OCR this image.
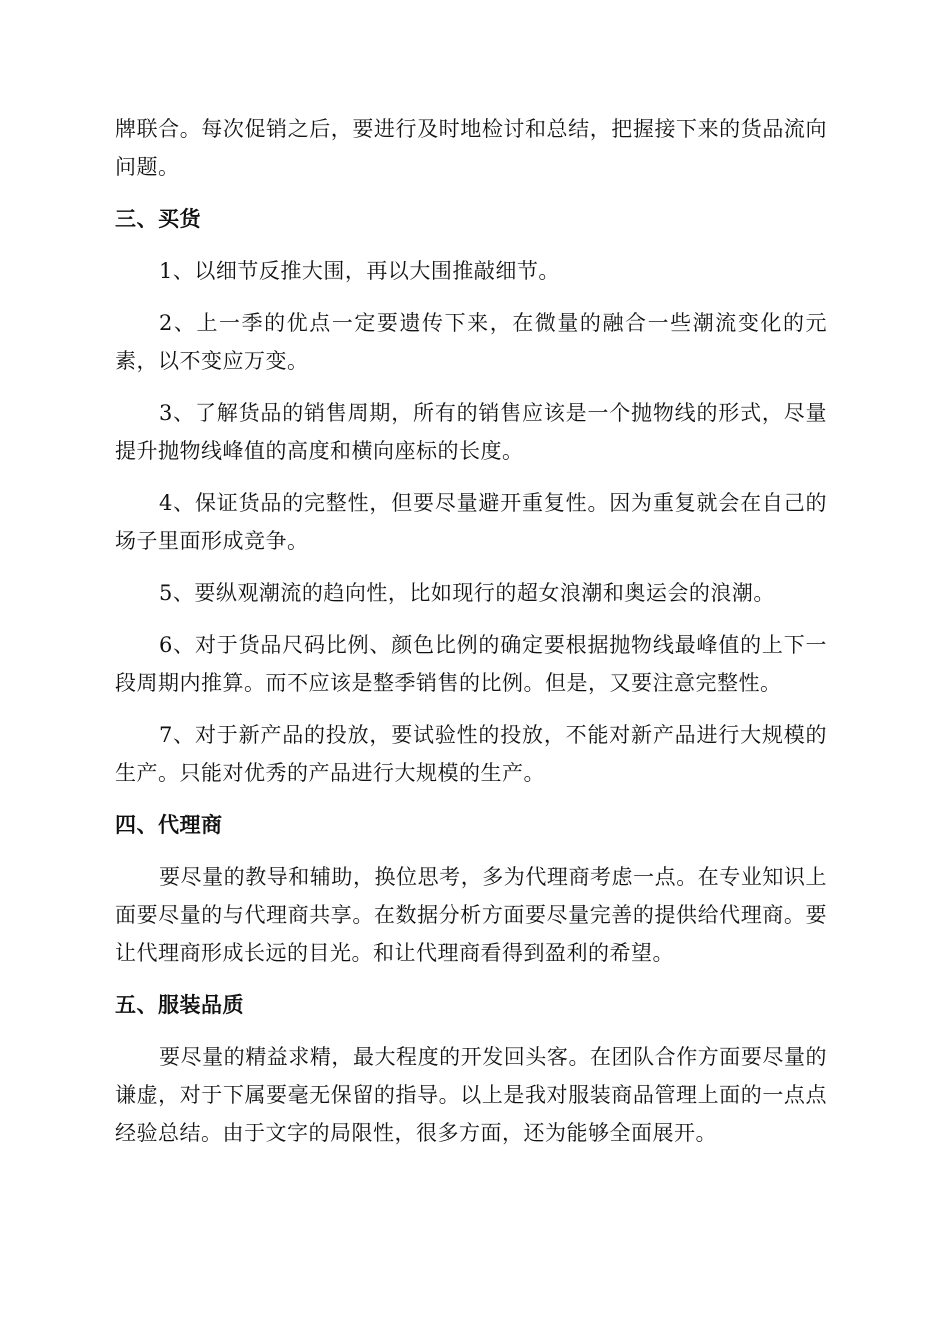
牌联合。每次促销之后，要进行及时地检讨和总结，把握接下来的货品流向问题。

三、买货

1、以细节反推大围，再以大围推敲细节。

2、上一季的优点一定要遗传下来，在微量的融合一些潮流变化的元素，以不变应万变。

3、了解货品的销售周期，所有的销售应该是一个抛物线的形式，尽量提升抛物线峰值的高度和横向座标的长度。

4、保证货品的完整性，但要尽量避开重复性。因为重复就会在自己的场子里面形成竞争。

5、要纵观潮流的趋向性，比如现行的超女浪潮和奥运会的浪潮。

6、对于货品尺码比例、颜色比例的确定要根据抛物线最峰值的上下一段周期内推算。而不应该是整季销售的比例。但是，又要注意完整性。

7、对于新产品的投放，要试验性的投放，不能对新产品进行大规模的生产。只能对优秀的产品进行大规模的生产。

四、代理商

要尽量的教导和辅助，换位思考，多为代理商考虑一点。在专业知识上面要尽量的与代理商共享。在数据分析方面要尽量完善的提供给代理商。要让代理商形成长远的目光。和让代理商看得到盈利的希望。

五、服装品质

要尽量的精益求精，最大程度的开发回头客。在团队合作方面要尽量的谦虚，对于下属要毫无保留的指导。以上是我对服装商品管理上面的一点点经验总结。由于文字的局限性，很多方面，还为能够全面展开。
